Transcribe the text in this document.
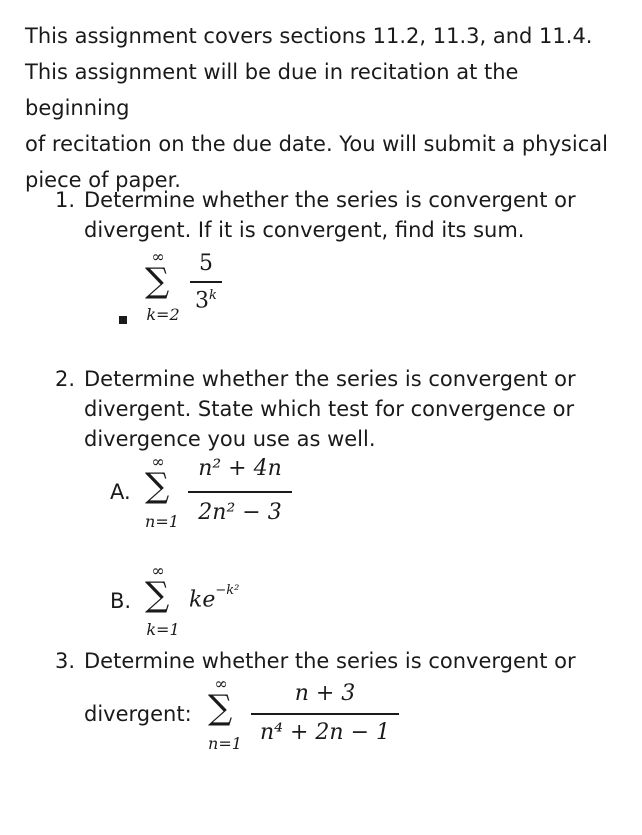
This assignment covers sections 11.2, 11.3, and 11.4.
This assignment will be due in recitation at the beginning
of recitation on the due date. You will submit a physical
piece of paper.
1. Determine whether the series is convergent or
divergent. If it is convergent, find its sum.
∞
∑
k=2
5
3$^k$
2. Determine whether the series is convergent or
divergent. State which test for convergence or
divergence you use as well.
A.
∞
∑
n=1
n² + 4n
2n² − 3
B.
∞
∑
k=1
$ke^{-k^2}$
3. Determine whether the series is convergent or
divergent:
∞
∑
n=1
n + 3
n⁴ + 2n − 1
